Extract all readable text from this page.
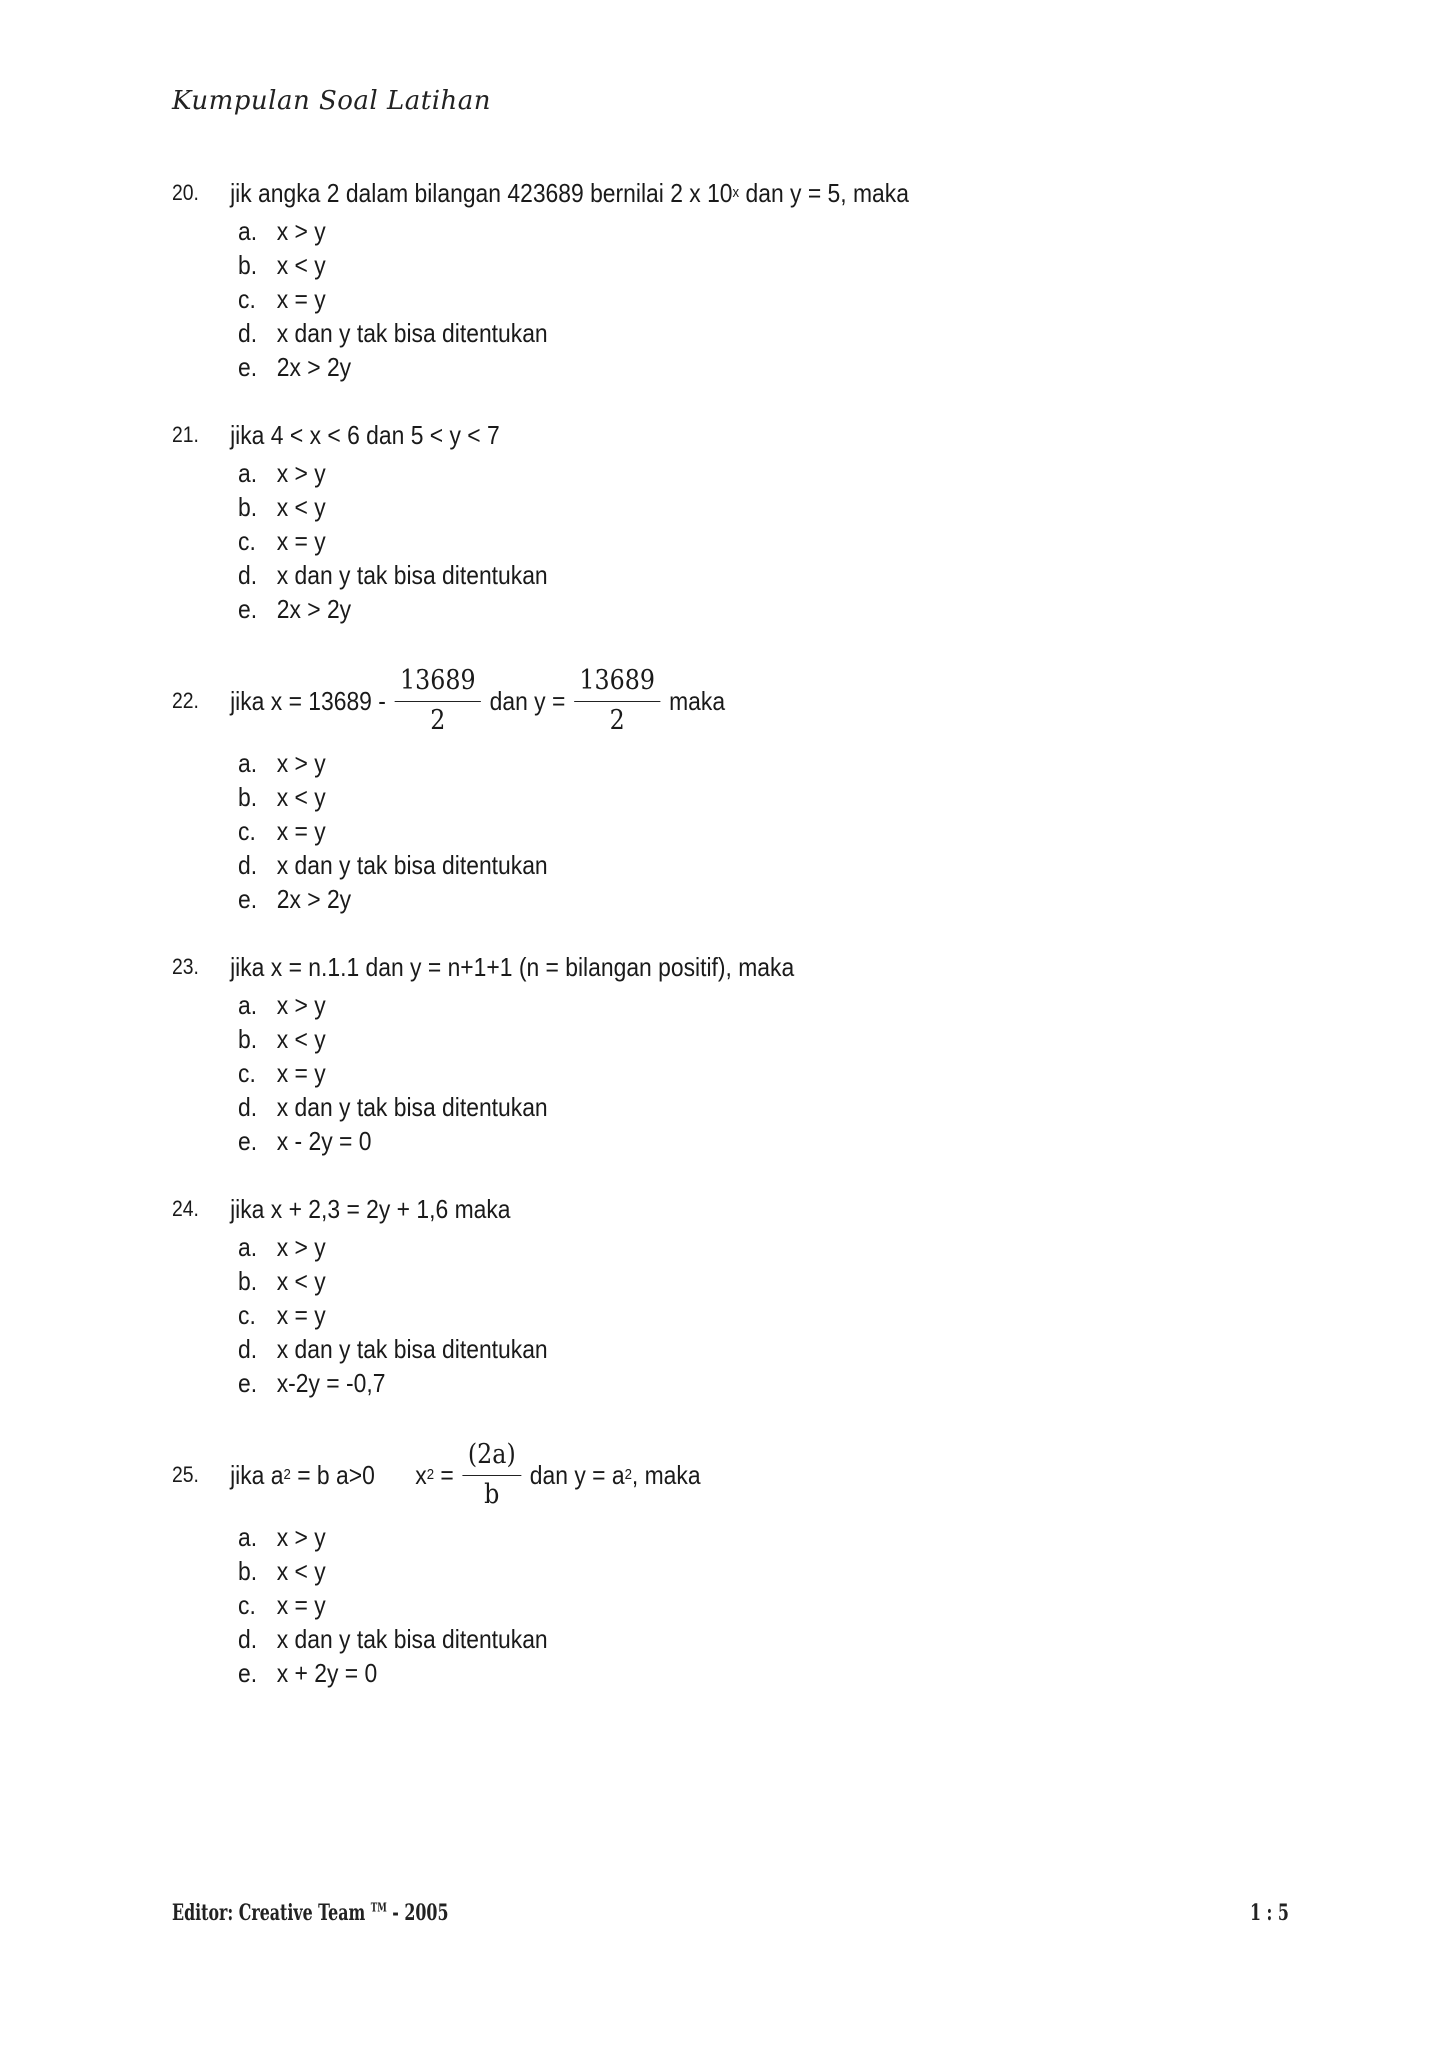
Kumpulan Soal Latihan
20.	jik angka 2 dalam bilangan 423689 bernilai 2 x 10 x dan y = 5, maka
a. x > y
b. x < y
c. x = y
d. x dan y tak bisa ditentukan
e. 2x > 2y
21.	jika 4 < x < 6 dan 5 < y < 7
a. x > y
b. x < y
c. x = y
d. x dan y tak bisa ditentukan
e. 2x > 2y
22.	jika $x = 13689 - \frac{13689}{2}$ dan $y = \frac{13689}{2}$ maka
a. x > y
b. x < y
c. x = y
d. x dan y tak bisa ditentukan
e. 2x > 2y
23.	jika x = n.1.1 dan y = n+1+1 (n = bilangan positif), maka
a. x > y
b. x < y
c. x = y
d. x dan y tak bisa ditentukan
e. x - 2y = 0
24.	jika x + 2,3 = 2y + 1,6 maka
a. x > y
b. x < y
c. x = y
d. x dan y tak bisa ditentukan
e. x-2y = -0,7
25.	jika a 2 = b a>0 x $2 = \frac{(2a)}{b}$ dan y = a 2 , maka
a. x > y
b. x < y
c. x = y
d. x dan y tak bisa ditentukan
e. x + 2y = 0
Editor: Creative Team ™ - 2005	1 : 5
